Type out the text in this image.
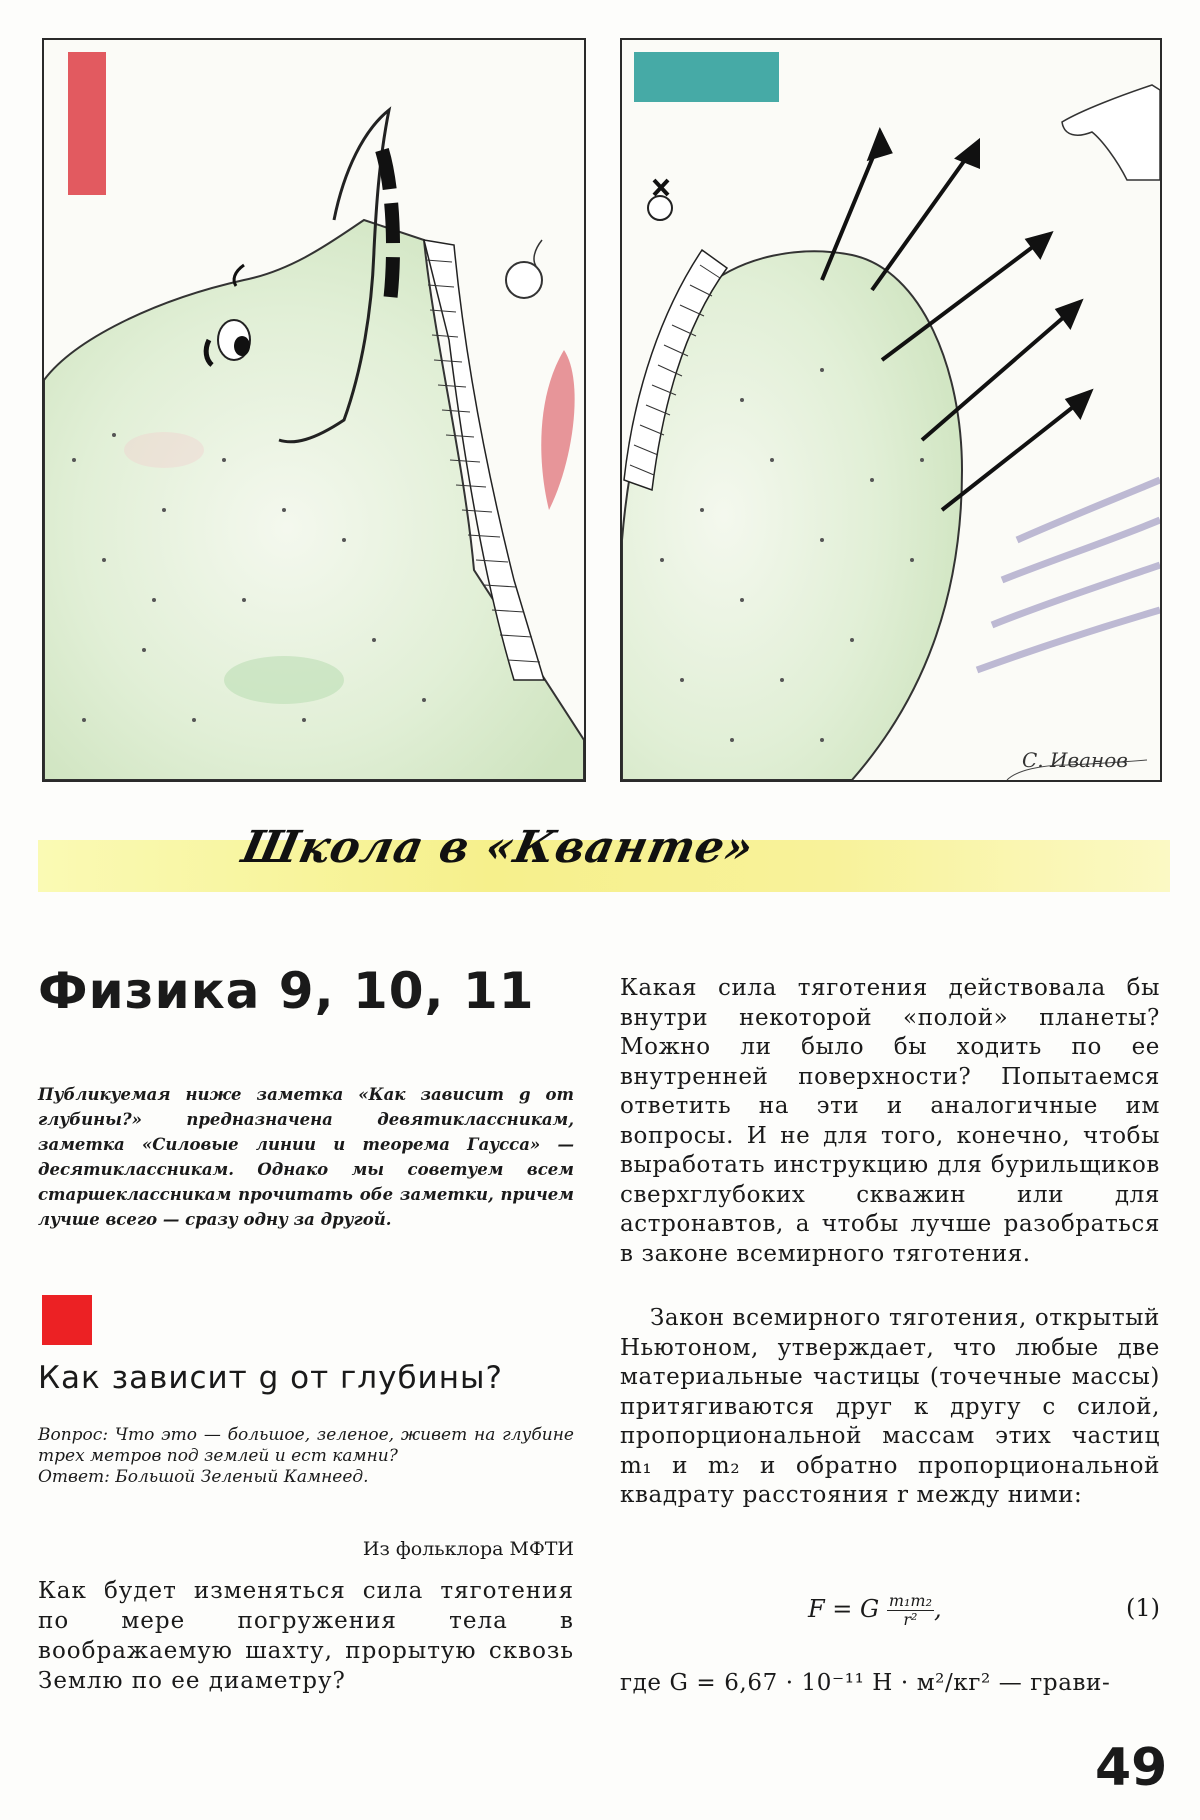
С. Иванов
Школа в «Кванте»
Физика 9, 10, 11

Публикуемая ниже заметка «Как зависит g от глубины?» предназначена девятиклассникам, заметка «Силовые линии и теорема Гаусса» — десятиклассникам. Однако мы советуем всем старшеклассникам прочитать обе заметки, причем лучше всего — сразу одну за другой.

Как зависит g от глубины?
Вопрос: Что это — большое, зеленое, живет на глубине трех метров под землей и ест камни?
Ответ: Большой Зеленый Камнеед.

Из фольклора МФТИ

Как будет изменяться сила тяготения по мере погружения тела в воображаемую шахту, прорытую сквозь Землю по ее диаметру?

Какая сила тяготения действовала бы внутри некоторой «полой» планеты? Можно ли было бы ходить по ее внутренней поверхности? Попытаемся ответить на эти и аналогичные им вопросы. И не для того, конечно, чтобы выработать инструкцию для бурильщиков сверхглубоких скважин или для астронавтов, а чтобы лучше разобраться в законе всемирного тяготения.

Закон всемирного тяготения, открытый Ньютоном, утверждает, что любые две материальные частицы (точечные массы) притягиваются друг к другу с силой, пропорциональной массам этих частиц m₁ и m₂ и обратно пропорциональной квадрату расстояния r между ними:

F = G $\frac{\text{m₁m₂}}{\text{r²}}$ ,	(1)

где G = 6,67 · 10⁻¹¹ Н · м²/кг² — грави-

49
